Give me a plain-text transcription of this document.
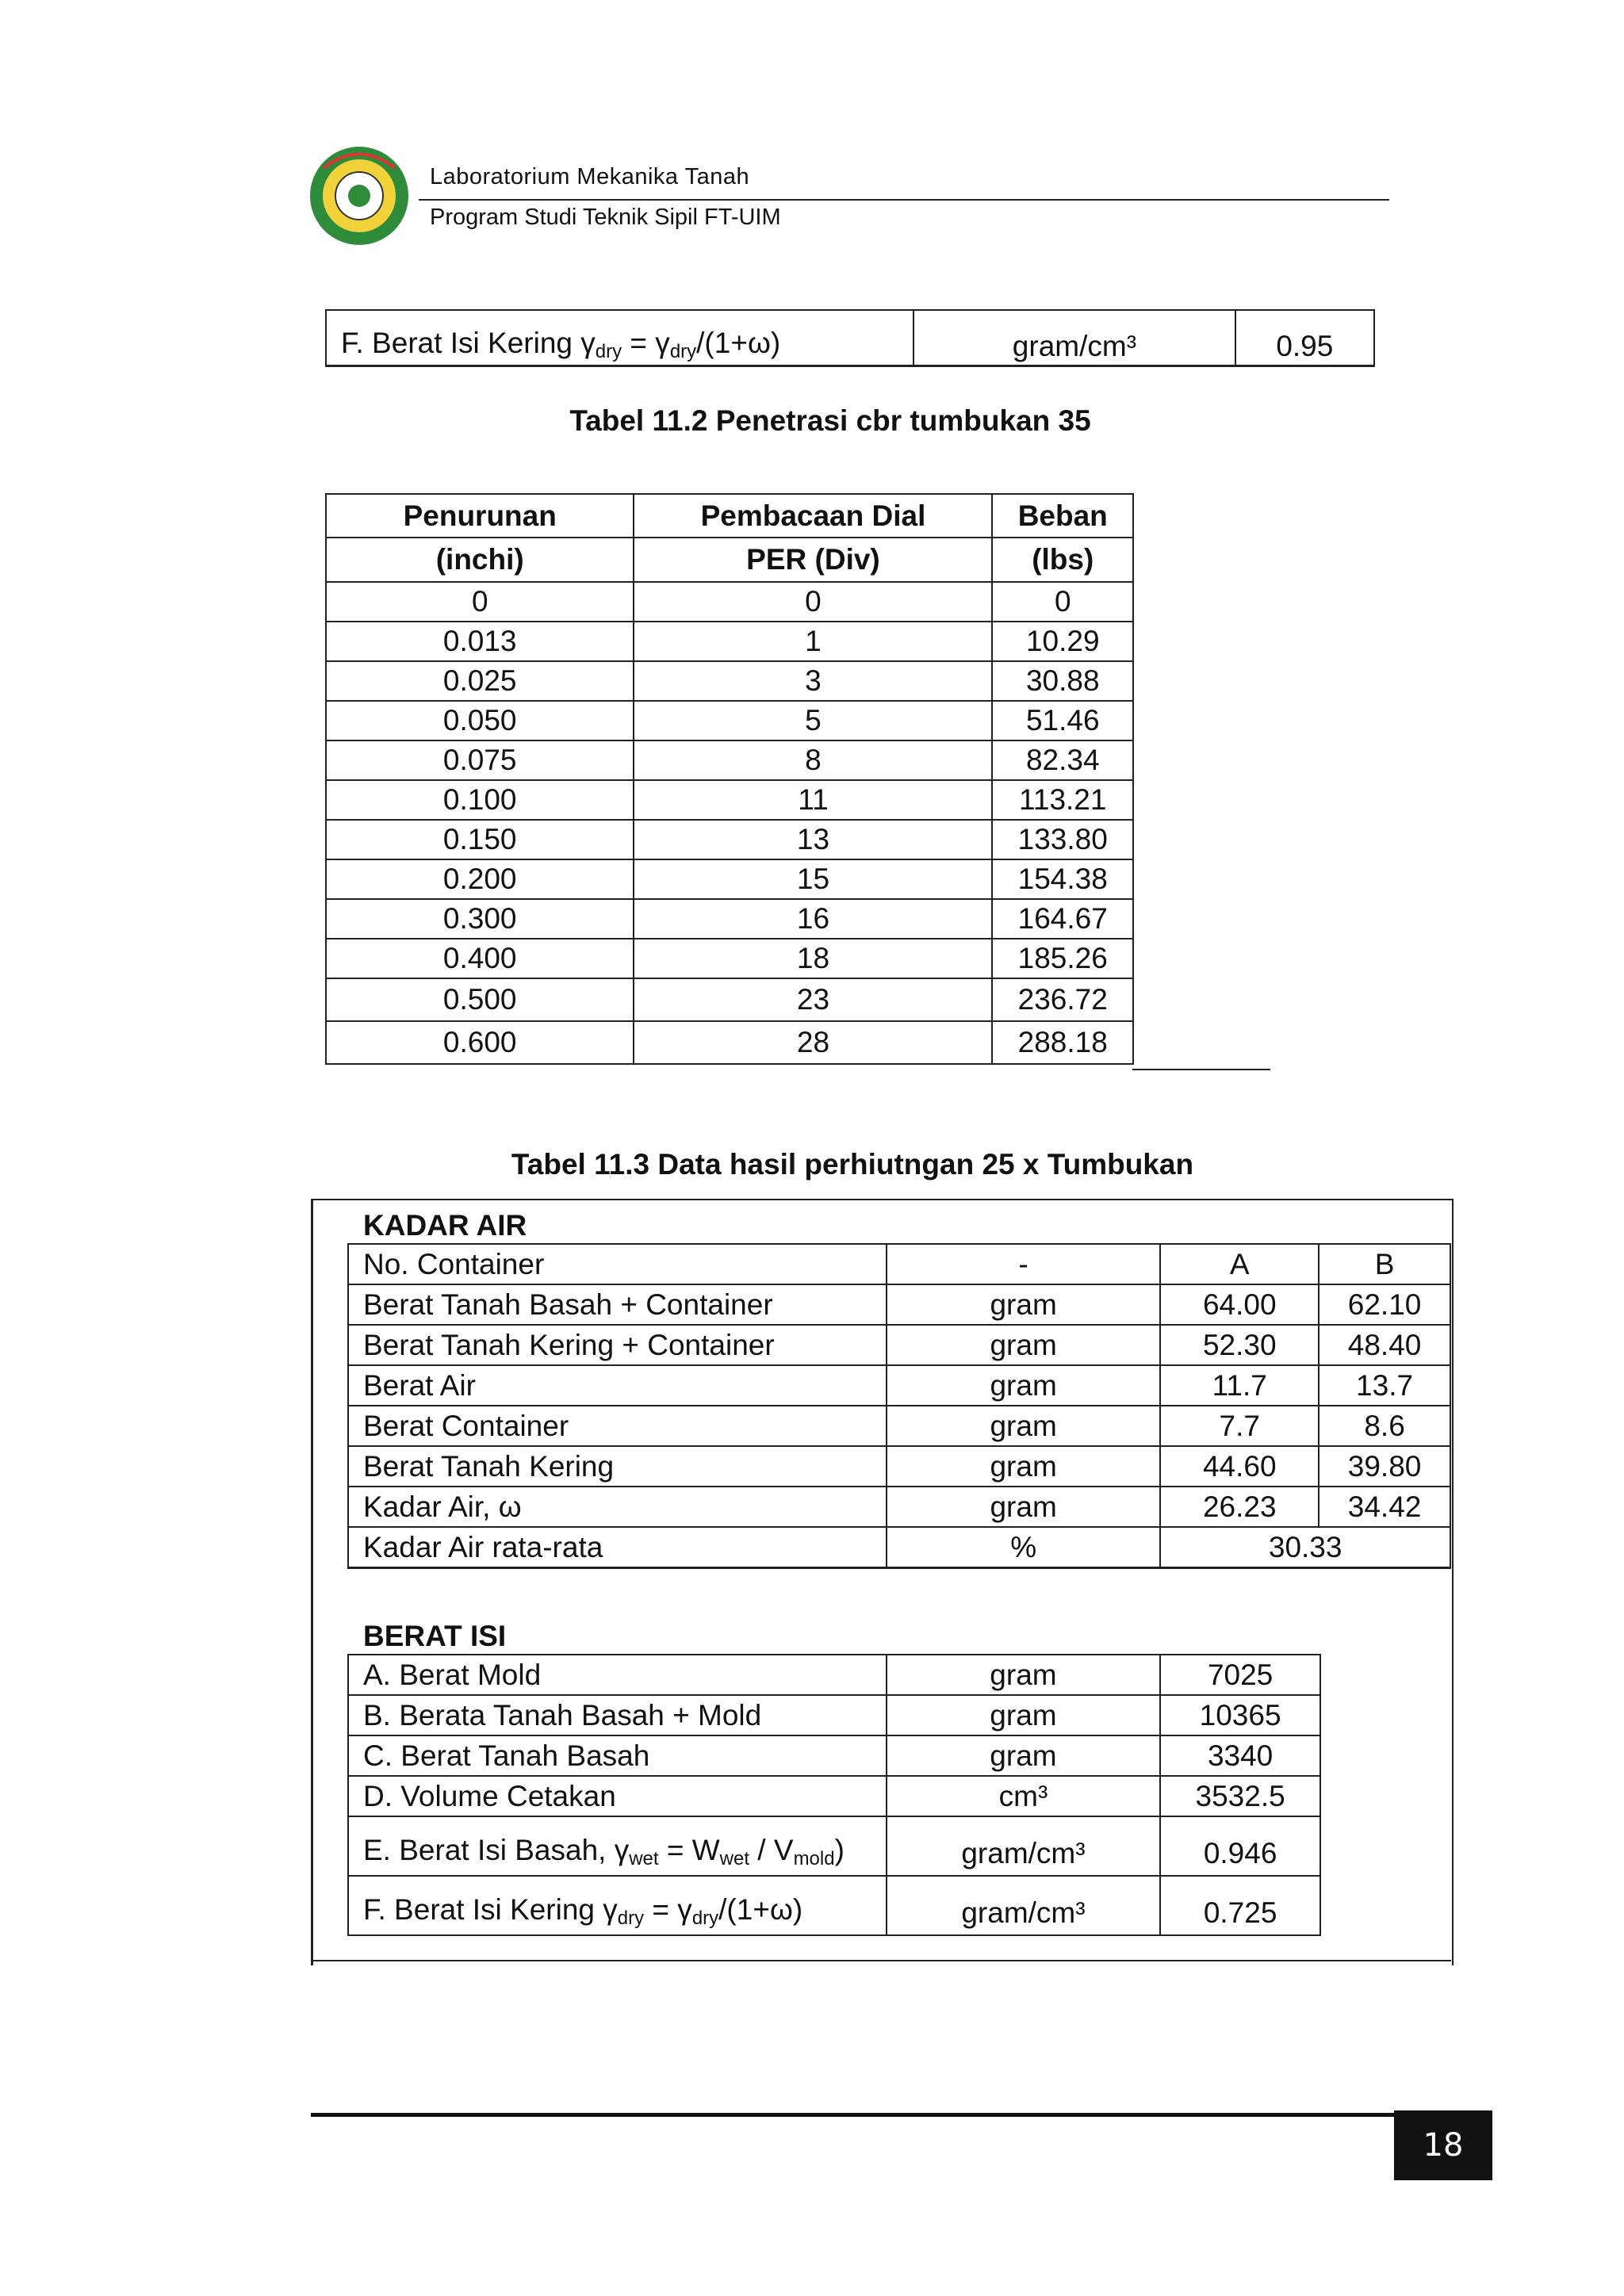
Laboratorium Mekanika Tanah
Program Studi Teknik Sipil FT-UIM
F. Berat Isi Kering $\gamma_{dry} = \gamma_{dry}/(1+\omega)$	gram/cm³	0.95
Tabel 11.2 Penetrasi cbr tumbukan 35
Penurunan	Pembacaan Dial	Beban
(inchi)	PER (Div)	(lbs)
0	0	0
0.013	1	10.29
0.025	3	30.88
0.050	5	51.46
0.075	8	82.34
0.100	11	113.21
0.150	13	133.80
0.200	15	154.38
0.300	16	164.67
0.400	18	185.26
0.500	23	236.72
0.600	28	288.18
Tabel 11.3 Data hasil perhiutngan 25 x Tumbukan
KADAR AIR
No. Container	-	A	B
Berat Tanah Basah + Container	gram	64.00	62.10
Berat Tanah Kering + Container	gram	52.30	48.40
Berat Air	gram	11.7	13.7
Berat Container	gram	7.7	8.6
Berat Tanah Kering	gram	44.60	39.80
Kadar Air, ω	gram	26.23	34.42
Kadar Air rata-rata	%	30.33	
BERAT ISI
A. Berat Mold	gram	7025
B. Berata Tanah Basah + Mold	gram	10365
C. Berat Tanah Basah	gram	3340
D. Volume Cetakan	cm³	3532.5
E. Berat Isi Basah, $\gamma_{wet} = W_{wet} / V_{mold}$)	gram/cm³	0.946
F. Berat Isi Kering $\gamma_{dry} = \gamma_{dry}/(1+\omega)$	gram/cm³	0.725
18
